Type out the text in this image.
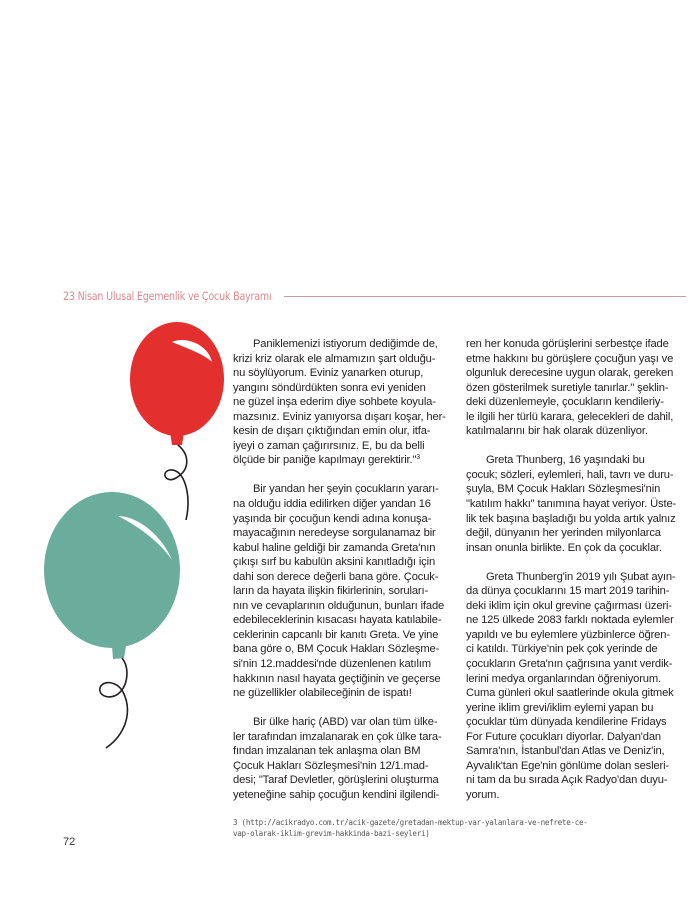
23 Nisan Ulusal Egemenlik ve Çocuk Bayramı

Paniklemenizi istiyorum dediğimde de,
krizi kriz olarak ele almamızın şart olduğu-
nu söylüyorum. Eviniz yanarken oturup,
yangını söndürdükten sonra evi yeniden
ne güzel inşa ederim diye sohbete koyula-
mazsınız. Eviniz yanıyorsa dışarı koşar, her-
kesin de dışarı çıktığından emin olur, itfa-
iyeyi o zaman çağırırsınız. E, bu da belli
ölçüde bir paniğe kapılmayı gerektirir."$^3$

Bir yandan her şeyin çocukların yararı-
na olduğu iddia edilirken diğer yandan 16
yaşında bir çocuğun kendi adına konuşa-
mayacağının neredeyse sorgulanamaz bir
kabul haline geldiği bir zamanda Greta'nın
çıkışı sırf bu kabulün aksini kanıtladığı için
dahi son derece değerli bana göre. Çocuk-
ların da hayata ilişkin fikirlerinin, soruları-
nın ve cevaplarının olduğunun, bunları ifade
edebileceklerinin kısacası hayata katılabile-
ceklerinin capcanlı bir kanıtı Greta. Ve yine
bana göre o, BM Çocuk Hakları Sözleşme-
si'nin 12.maddesi'nde düzenlenen katılım
hakkının nasıl hayata geçtiğinin ve geçerse
ne güzellikler olabileceğinin de ispatı!

Bir ülke hariç (ABD) var olan tüm ülke-
ler tarafından imzalanarak en çok ülke tara-
fından imzalanan tek anlaşma olan BM
Çocuk Hakları Sözleşmesi'nin 12/1.mad-
desi; "Taraf Devletler, görüşlerini oluşturma
yeteneğine sahip çocuğun kendini ilgilendi-

ren her konuda görüşlerini serbestçe ifade
etme hakkını bu görüşlere çocuğun yaşı ve
olgunluk derecesine uygun olarak, gereken
özen gösterilmek suretiyle tanırlar." şeklin-
deki düzenlemeyle, çocukların kendileriy-
le ilgili her türlü karara, gelecekleri de dahil,
katılmalarını bir hak olarak düzenliyor.

Greta Thunberg, 16 yaşındaki bu
çocuk; sözleri, eylemleri, hali, tavrı ve duru-
şuyla, BM Çocuk Hakları Sözleşmesi'nin
"katılım hakkı" tanımına hayat veriyor. Üste-
lik tek başına başladığı bu yolda artık yalnız
değil, dünyanın her yerinden milyonlarca
insan onunla birlikte. En çok da çocuklar.

Greta Thunberg'in 2019 yılı Şubat ayın-
da dünya çocuklarını 15 mart 2019 tarihin-
deki iklim için okul grevine çağırması üzeri-
ne 125 ülkede 2083 farklı noktada eylemler
yapıldı ve bu eylemlere yüzbinlerce öğren-
ci katıldı. Türkiye'nin pek çok yerinde de
çocukların Greta'nın çağrısına yanıt verdik-
lerini medya organlarından öğreniyorum.
Cuma günleri okul saatlerinde okula gitmek
yerine iklim grevi/iklim eylemi yapan bu
çocuklar tüm dünyada kendilerine Fridays
For Future çocukları diyorlar. Dalyan'dan
Samra'nın, İstanbul'dan Atlas ve Deniz'in,
Ayvalık'tan Ege'nin gönlüme dolan sesleri-
ni tam da bu sırada Açık Radyo'dan duyu-
yorum.

3 (http://acikradyo.com.tr/acik-gazete/gretadan-mektup-var-yalanlara-ve-nefrete-ce-
vap-olarak-iklim-grevim-hakkinda-bazi-seyleri)
72
